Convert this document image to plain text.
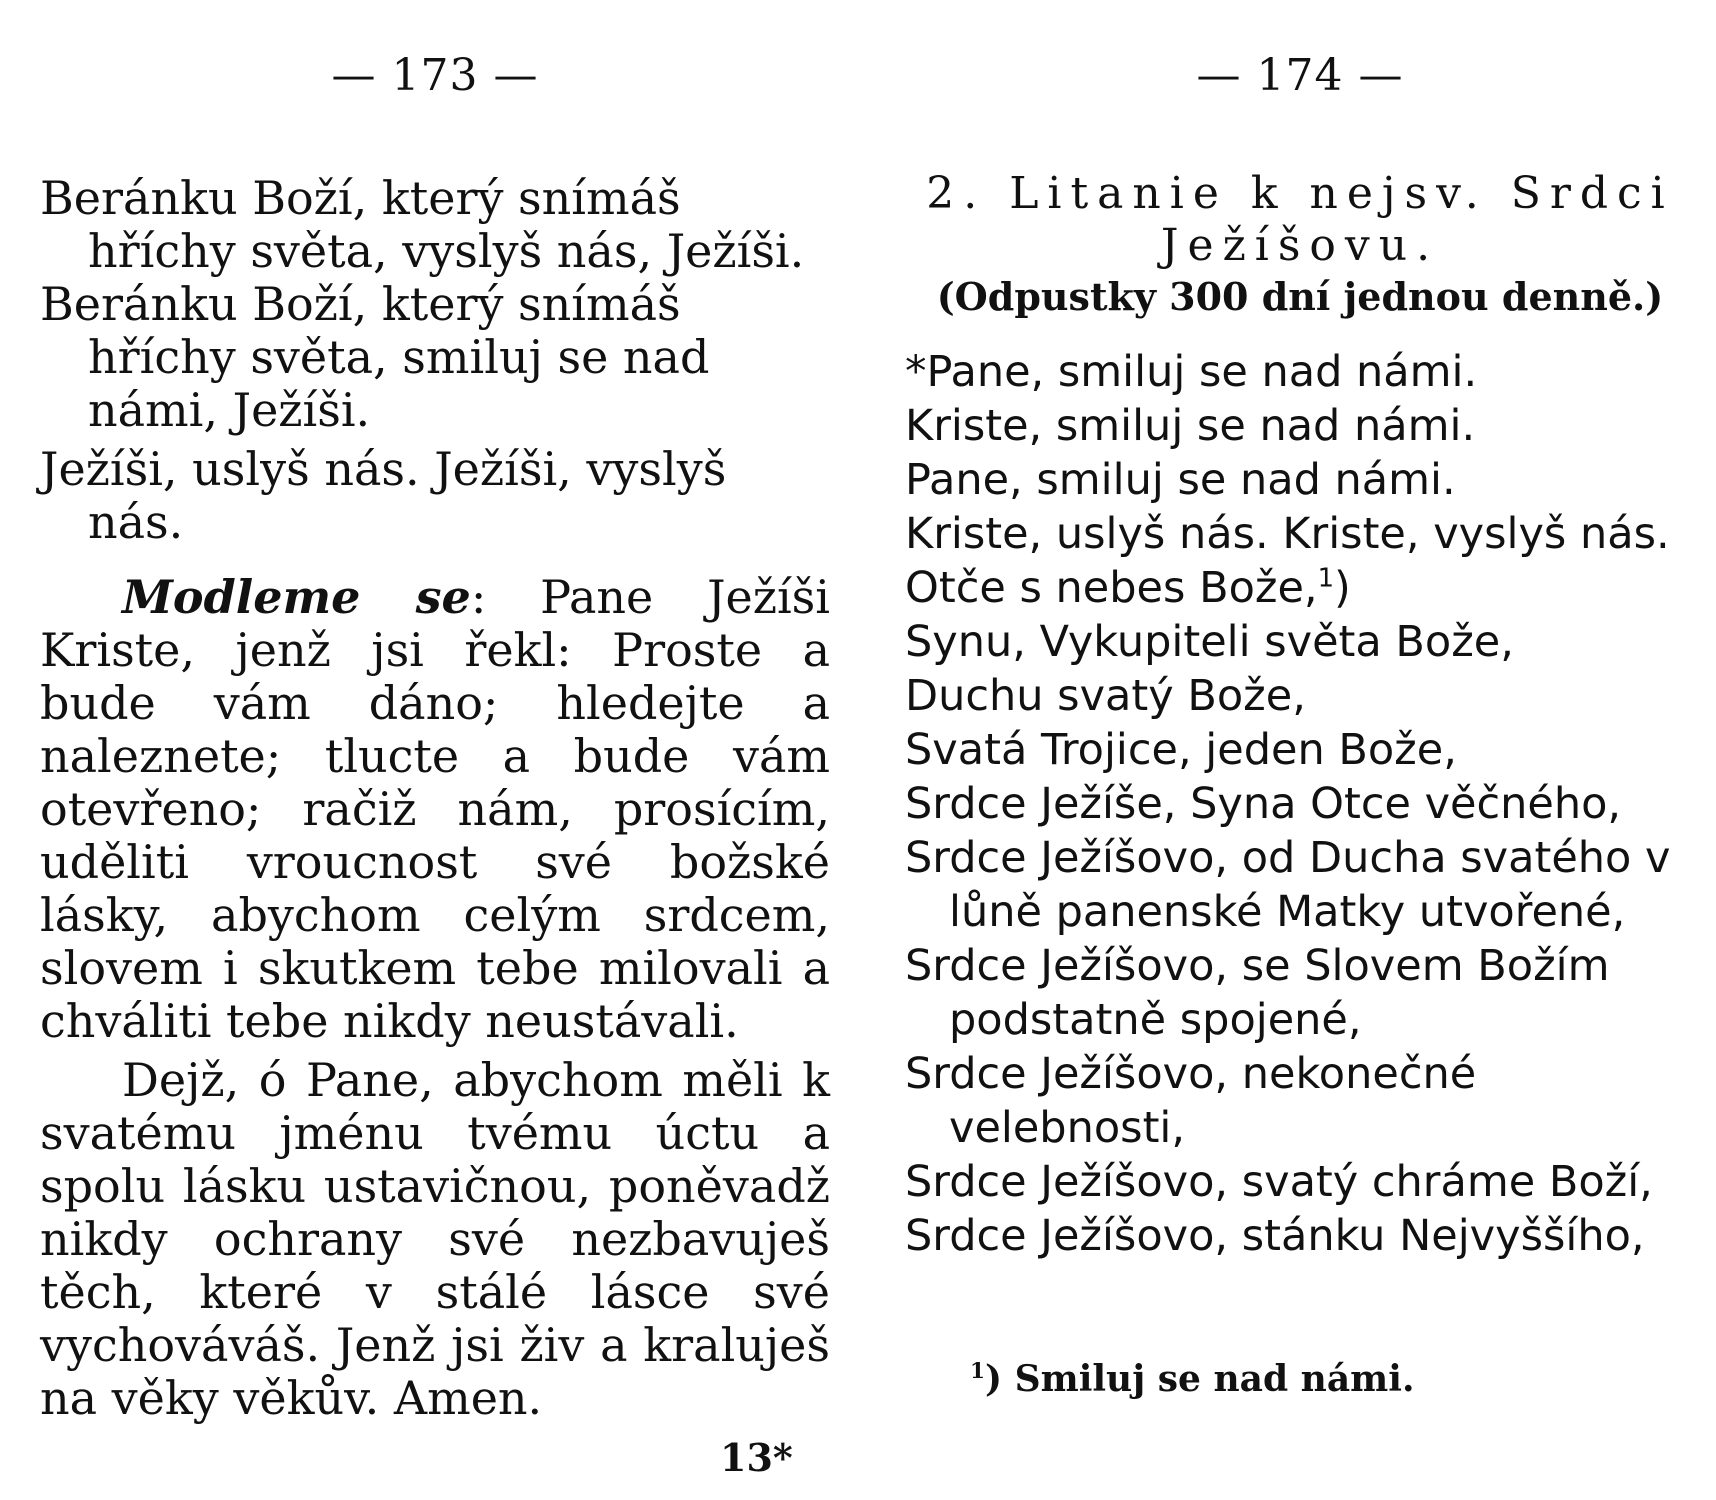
— 173 —

Beránku Boží, který snímáš hříchy světa, vyslyš nás, Ježíši.

Beránku Boží, který snímáš hříchy světa, smiluj se nad námi, Ježíši.

Ježíši, uslyš nás. Ježíši, vyslyš nás.

Modleme se: Pane Ježíši Kriste, jenž jsi řekl: Proste a bude vám dáno; hledejte a naleznete; tlucte a bude vám otevřeno; račiž nám, prosícím, uděliti vroucnost své božské lásky, abychom celým srdcem, slovem i skutkem tebe milovali a chváliti tebe nikdy neustávali.

Dejž, ó Pane, abychom měli k svatému jménu tvému úctu a spolu lásku ustavičnou, poněvadž nikdy ochrany své nezbavuješ těch, které v stálé lásce své vychováváš. Jenž jsi živ a kraluješ na věky věkův. Amen.

13*
— 174 —

2. Litanie k nejsv. Srdci Ježíšovu.

(Odpustky 300 dní jednou denně.)

*Pane, smiluj se nad námi.

Kriste, smiluj se nad námi.

Pane, smiluj se nad námi.

Kriste, uslyš nás. Kriste, vyslyš nás.

Otče s nebes Bože,$^1$)

Synu, Vykupiteli světa Bože,

Duchu svatý Bože,

Svatá Trojice, jeden Bože,

Srdce Ježíše, Syna Otce věčného,

Srdce Ježíšovo, od Ducha svatého v lůně panenské Matky utvořené,

Srdce Ježíšovo, se Slovem Božím podstatně spojené,

Srdce Ježíšovo, nekonečné velebnosti,

Srdce Ježíšovo, svatý chráme Boží,

Srdce Ježíšovo, stánku Nejvyššího,

$^1$) Smiluj se nad námi.
